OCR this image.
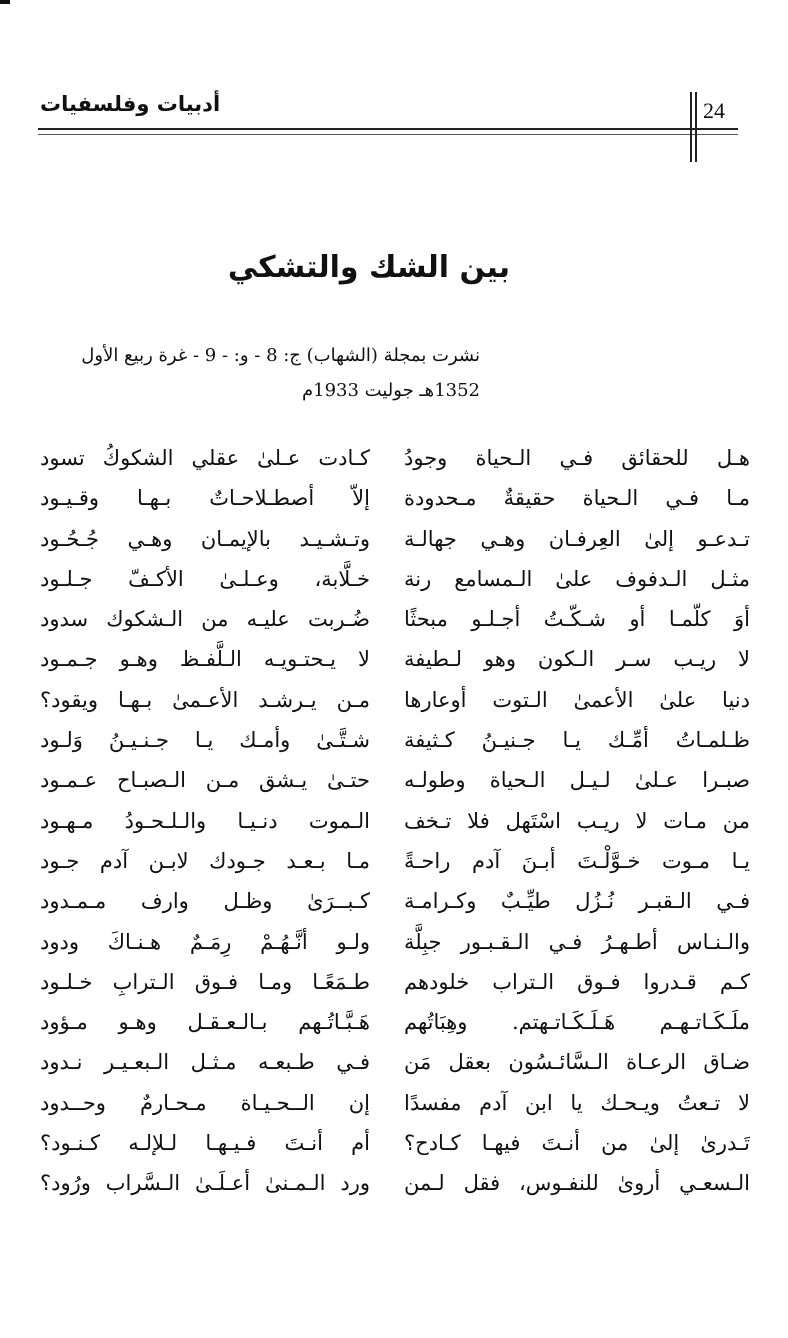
أدبيات وفلسفيات	24
بين الشك والتشكي
نشرت بمجلة (الشهاب) ج: 8 - و: - 9 - غرة ربيع الأول
1352هـ جوليت 1933م
هـل للحقائق فـي الـحياة وجودُ
مـا فـي الـحياة حقيقةٌ مـحدودة
تـدعـو إلىٰ العِرفـان وهـي جهالـة
مثـل الـدفوف علىٰ الـمسامع رنة
أوَ كلّمـا أو شـكّـتُ أجـلـو مبحثًا
لا ريـب سـر الـكون وهو لـطيفة
دنيا علىٰ الأعمىٰ الـتوت أوعارها
ظـلمـاتُ أمِّـك يـا جـنيـنُ كـثيفة
صبـرا عـلىٰ لـيـل الـحياة وطولـه
من مـات لا ريـب اسْتَهل فلا تـخف
يـا مـوت خـوَّلْـتَ أبـنَ آدم راحـةً
فـي الـقبـر نُـزُل طيِّـبٌ وكـرامـة
والـنـاس أطـهـرُ فـي الـقـبـور جبِلَّة
كـم قـدروا فـوق الـتراب خلودهم
ملَـكَـاتـهـم هَـلَـكَـاتـهتم. وهِبَاتُهم
ضـاق الرعـاة الـسَّائـسُون بعقل مَن
لا تـعتُ ويـحـك يا ابن آدم مفسدًا
تَـدرىٰ إلىٰ من أنـتَ فيهـا كـادح؟
الـسعـي أروىٰ للنفـوس، فقل لـمن
كـادت عـلىٰ عقلي الشكوكُ تسود
إلاّ أصطـلاحـاتٌ بـهـا وقـيـود
وتـشـيـد بالإيمـان وهـي جُـحُـود
خـلَّابة، وعـلـىٰ الأكـفّ جـلـود
ضُـربت عليـه من الـشكوك سدود
لا يـحتـويـه الـلَّفـظ وهـو جـمـود
مـن يـرشـد الأعـمىٰ بـهـا ويقود؟
شـتَّـىٰ وأمـك يـا جـنـيـنُ وَلـود
حتـىٰ يـشق مـن الـصبـاح عـمـود
الـموت دنـيـا والـلـحـودُ مـهـود
مـا بـعـد جـودك لابـن آدم جـود
كـبــرَىٰ وظـل وارف مـمـدود
ولـو أنَّـهُـمْ رِمَـمٌ هـنـاكَ ودود
طـمَعًـا ومـا فـوق الـترابِ خـلـود
هَـبَّـاتُـهم بـالـعـقـل وهـو مـؤود
فـي طـبعـه مـثـل الـبعـيـر نـدود
إن الــحـيـاة مـحـارمٌ وحــدود
أم أنـتَ فـيـهـا لـلإلـه كـنـود؟
ورد الـمـنىٰ أعـلَـىٰ الـسَّراب ورُود؟
